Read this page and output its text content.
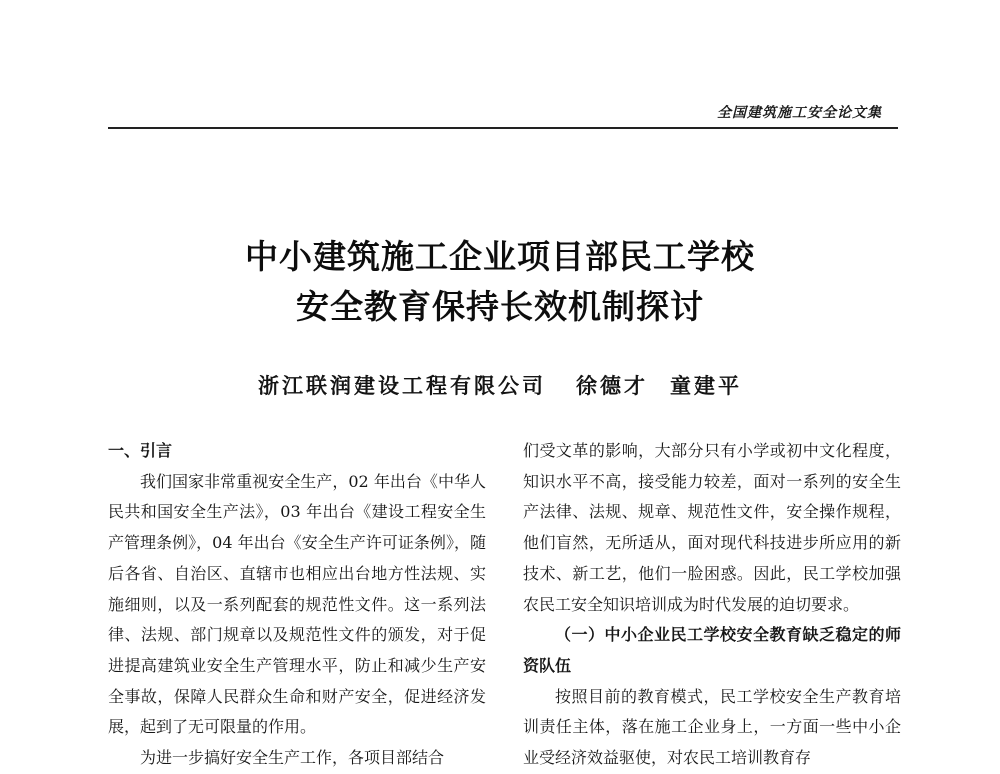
全国建筑施工安全论文集
中小建筑施工企业项目部民工学校
安全教育保持长效机制探讨
浙江联润建设工程有限公司 徐德才 童建平

一、引言

我们国家非常重视安全生产，02 年出台《中华人民共和国安全生产法》，03 年出台《建设工程安全生产管理条例》，04 年出台《安全生产许可证条例》，随后各省、自治区、直辖市也相应出台地方性法规、实施细则，以及一系列配套的规范性文件。这一系列法律、法规、部门规章以及规范性文件的颁发，对于促进提高建筑业安全生产管理水平，防止和减少生产安全事故，保障人民群众生命和财产安全，促进经济发展，起到了无可限量的作用。

为进一步搞好安全生产工作，各项目部结合

们受文革的影响，大部分只有小学或初中文化程度，知识水平不高，接受能力较差，面对一系列的安全生产法律、法规、规章、规范性文件，安全操作规程，他们盲然，无所适从，面对现代科技进步所应用的新技术、新工艺，他们一脸困惑。因此，民工学校加强农民工安全知识培训成为时代发展的迫切要求。

（一）中小企业民工学校安全教育缺乏稳定的师资队伍

按照目前的教育模式，民工学校安全生产教育培训责任主体，落在施工企业身上，一方面一些中小企业受经济效益驱使，对农民工培训教育存
